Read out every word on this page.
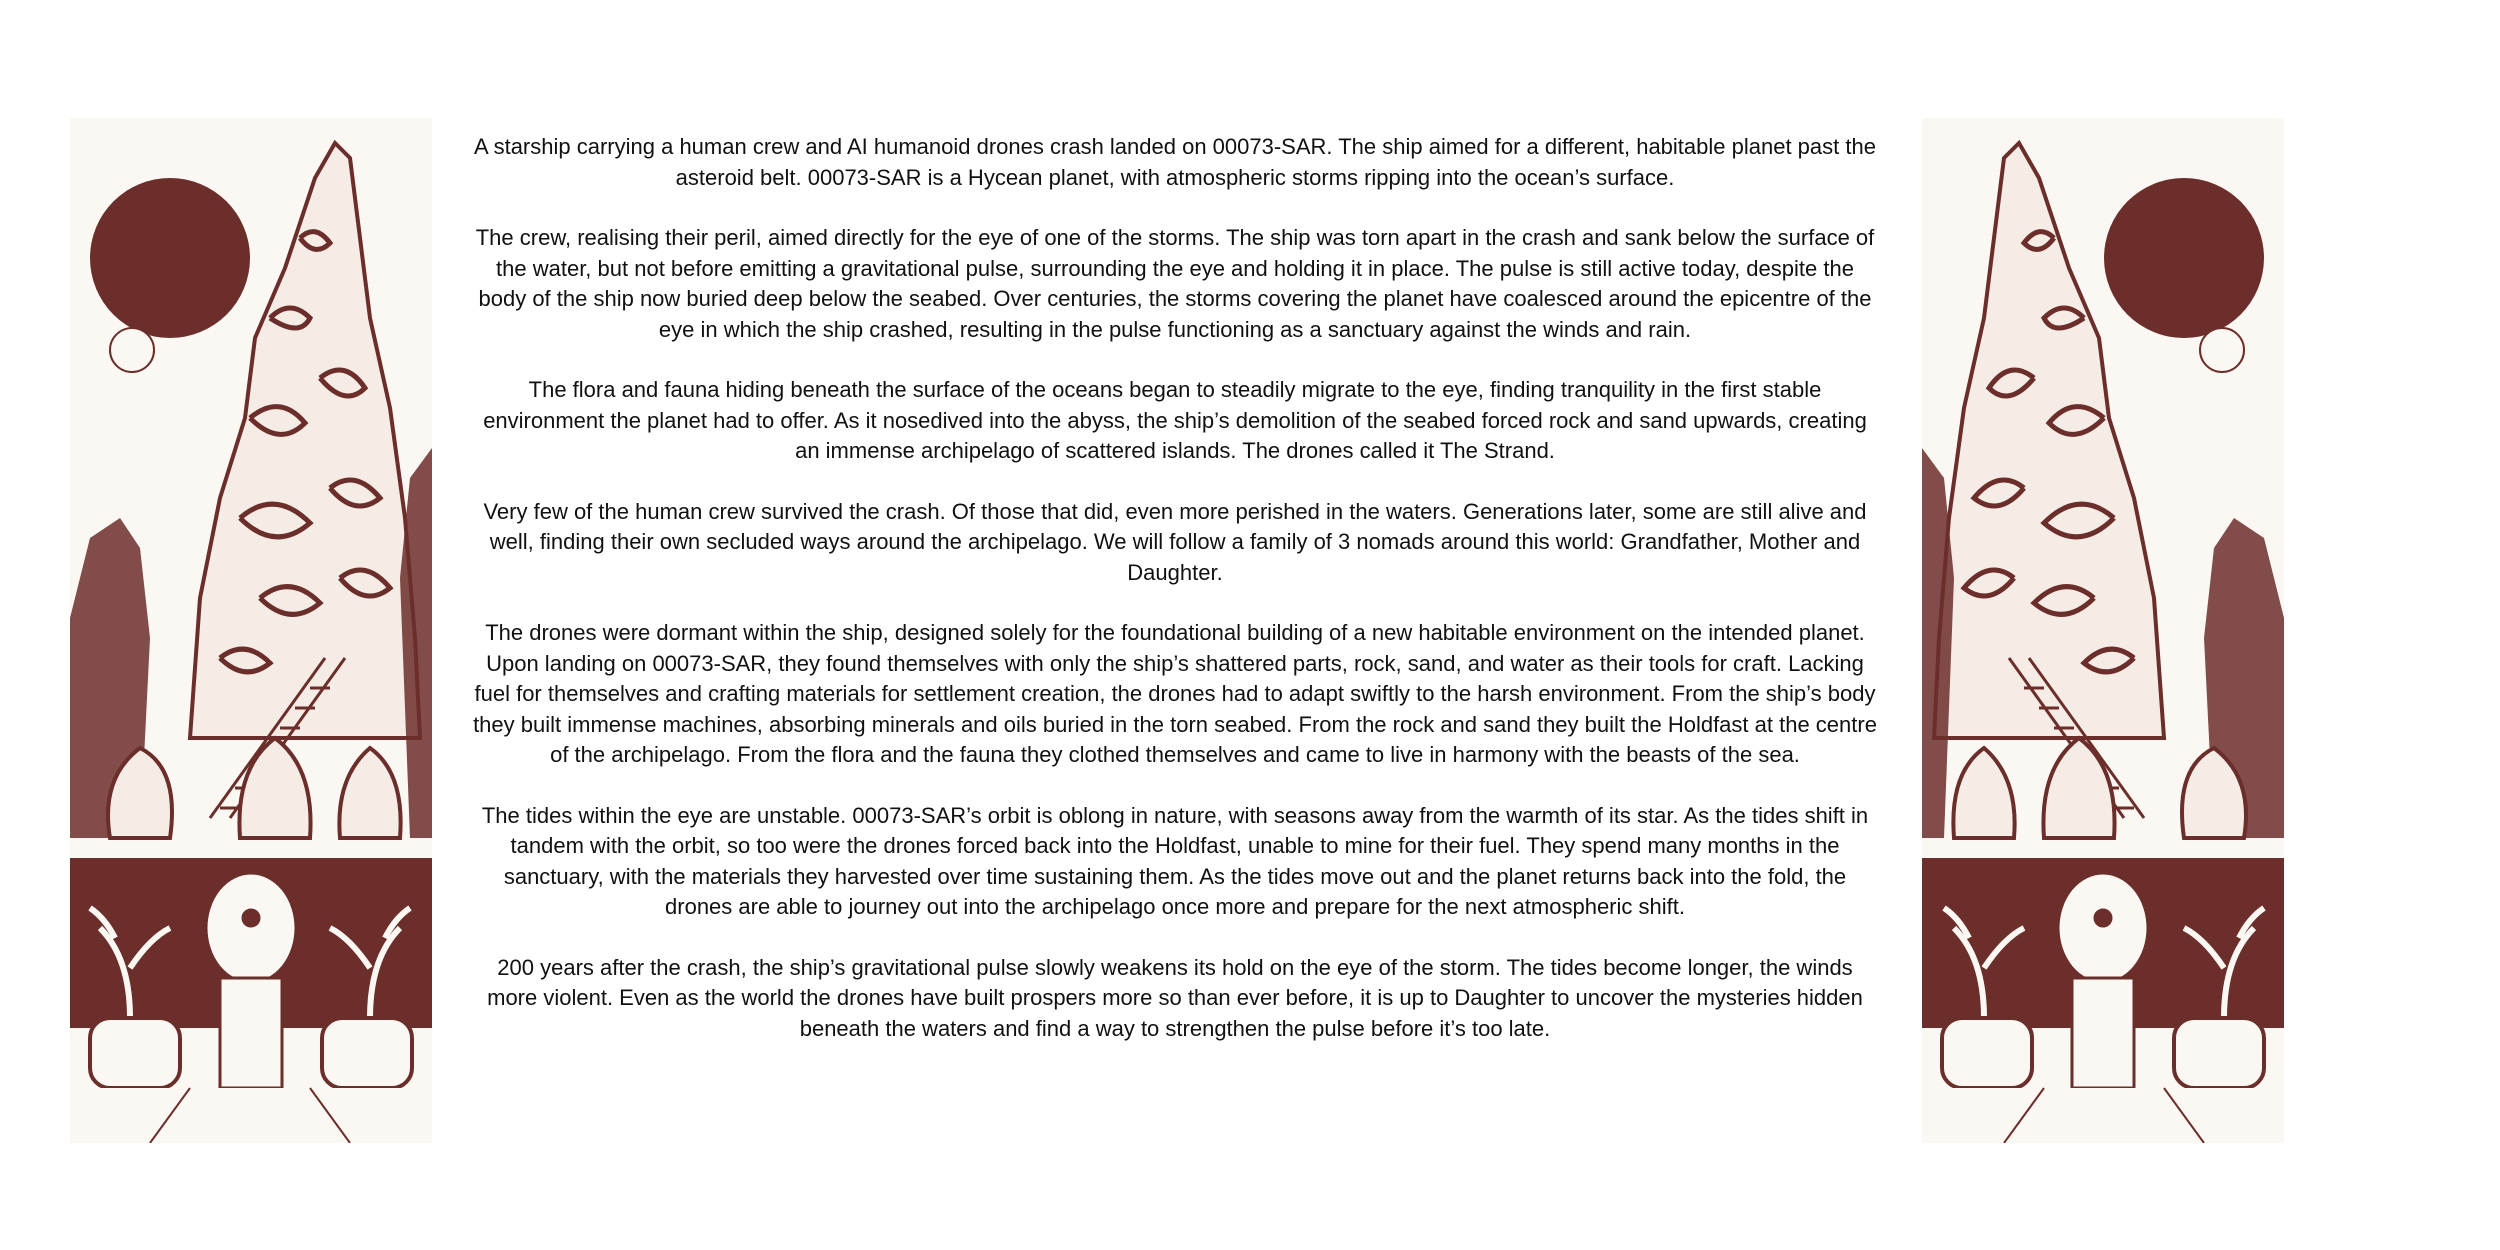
A starship carrying a human crew and AI humanoid drones crash landed on 00073-SAR. The ship aimed for a different, habitable planet past the asteroid belt. 00073-SAR is a Hycean planet, with atmospheric storms ripping into the ocean’s surface.

The crew, realising their peril, aimed directly for the eye of one of the storms. The ship was torn apart in the crash and sank below the surface of the water, but not before emitting a gravitational pulse, surrounding the eye and holding it in place. The pulse is still active today, despite the body of the ship now buried deep below the seabed. Over centuries, the storms covering the planet have coalesced around the epicentre of the eye in which the ship crashed, resulting in the pulse functioning as a sanctuary against the winds and rain.

The flora and fauna hiding beneath the surface of the oceans began to steadily migrate to the eye, finding tranquility in the first stable environment the planet had to offer. As it nosedived into the abyss, the ship’s demolition of the seabed forced rock and sand upwards, creating an immense archipelago of scattered islands. The drones called it The Strand.

Very few of the human crew survived the crash. Of those that did, even more perished in the waters. Generations later, some are still alive and well, finding their own secluded ways around the archipelago. We will follow a family of 3 nomads around this world: Grandfather, Mother and Daughter.

The drones were dormant within the ship, designed solely for the foundational building of a new habitable environment on the intended planet. Upon landing on 00073-SAR, they found themselves with only the ship’s shattered parts, rock, sand, and water as their tools for craft. Lacking fuel for themselves and crafting materials for settlement creation, the drones had to adapt swiftly to the harsh environment. From the ship’s body they built immense machines, absorbing minerals and oils buried in the torn seabed. From the rock and sand they built the Holdfast at the centre of the archipelago. From the flora and the fauna they clothed themselves and came to live in harmony with the beasts of the sea.

The tides within the eye are unstable. 00073-SAR’s orbit is oblong in nature, with seasons away from the warmth of its star. As the tides shift in tandem with the orbit, so too were the drones forced back into the Holdfast, unable to mine for their fuel. They spend many months in the sanctuary, with the materials they harvested over time sustaining them. As the tides move out and the planet returns back into the fold, the drones are able to journey out into the archipelago once more and prepare for the next atmospheric shift.

200 years after the crash, the ship’s gravitational pulse slowly weakens its hold on the eye of the storm. The tides become longer, the winds more violent. Even as the world the drones have built prospers more so than ever before, it is up to Daughter to uncover the mysteries hidden beneath the waters and find a way to strengthen the pulse before it’s too late.
